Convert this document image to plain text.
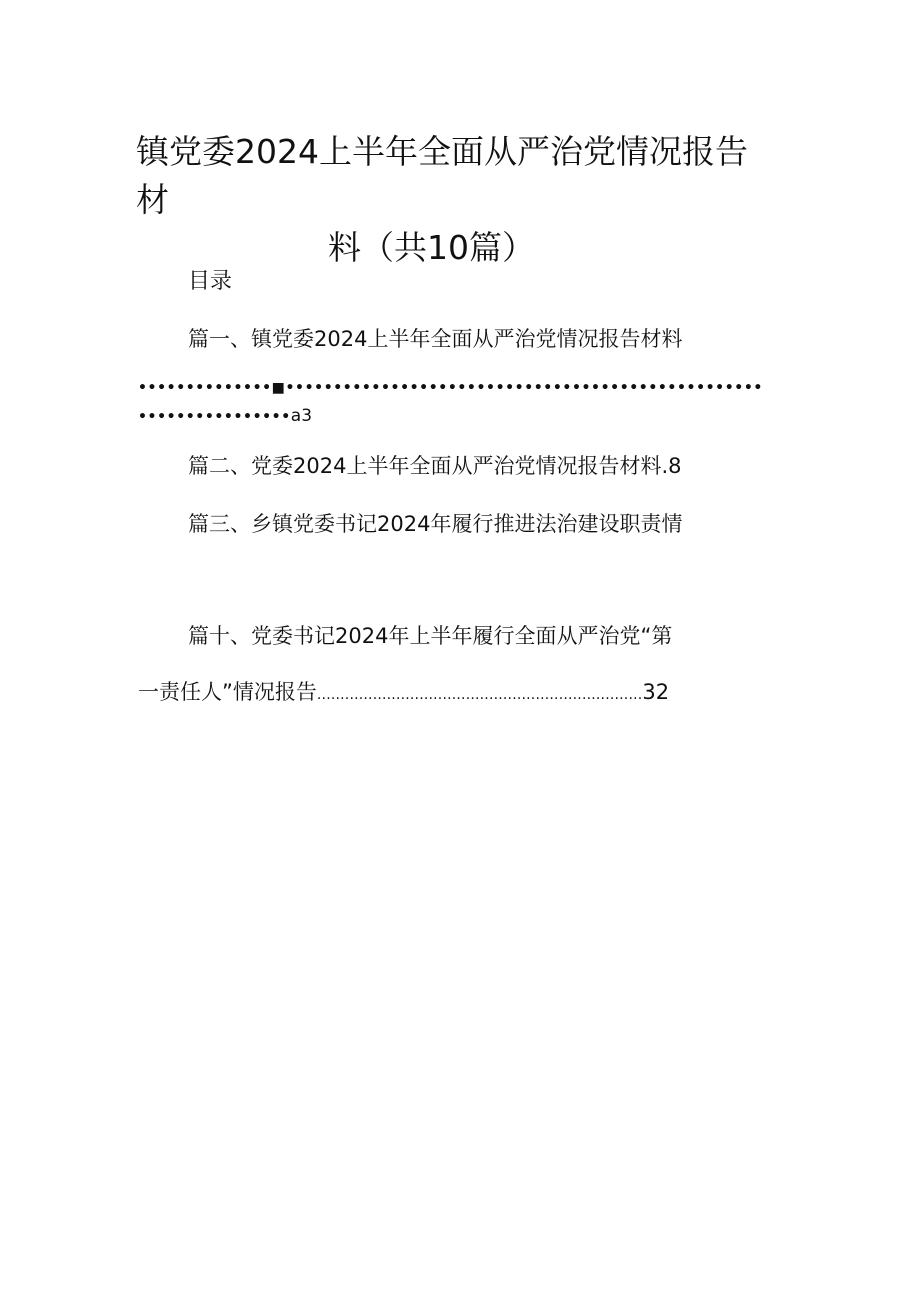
镇党委2024上半年全面从严治党情况报告材
料（共10篇）
目录
篇一、镇党委2024上半年全面从严治党情况报告材料
••••••••••••••■••••••••••••••••••••••••••••••••••••••••••••••••••
••••••••••••••••a3
篇二、党委2024上半年全面从严治党情况报告材料.8
篇三、乡镇党委书记2024年履行推进法治建设职责情
篇十、党委书记2024年上半年履行全面从严治党“第
一责任人”情况报告......................................................................32
